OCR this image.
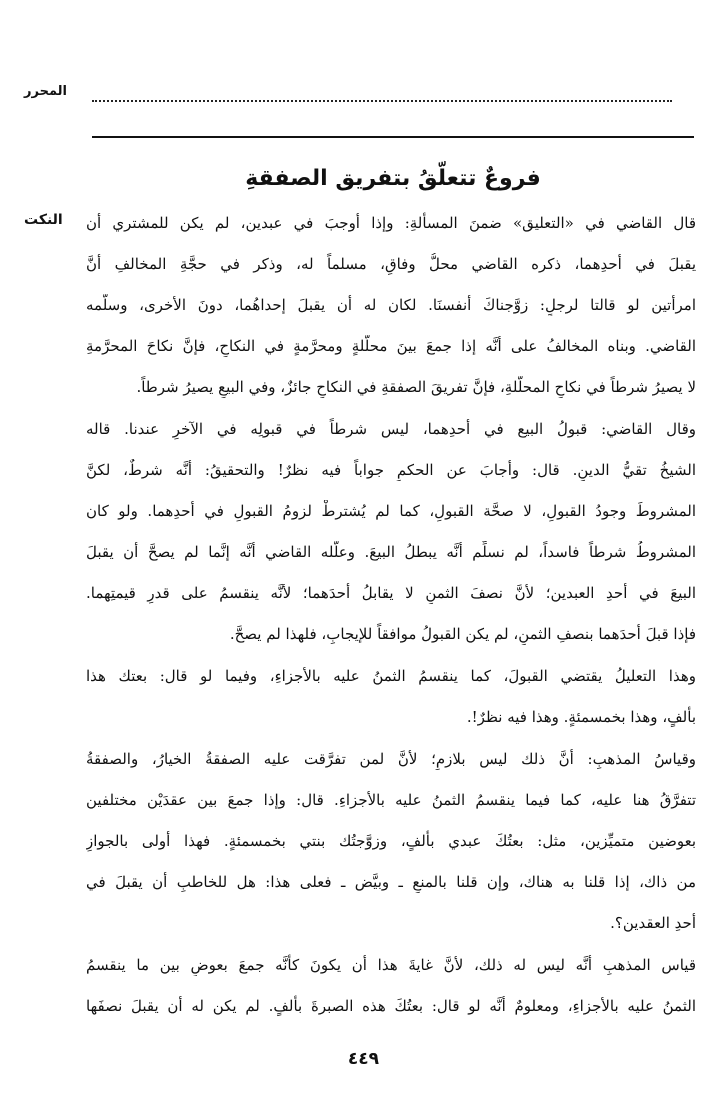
المحرر
فروعٌ تتعلّقُ بتفريق الصفقةِ
النكت قال القاضي في «التعليق» ضمنَ المسألةِ: وإذا أوجبَ في عبدين، لم يكن للمشتري أن
يقبلَ في أحدِهما، ذكره القاضي محلُّ وفاقٍ، مسلماً له، وذكر في حجَّةِ المخالفِ أنَّ
امرأتين لو قالتا لرجلٍ: زوَّجناكَ أنفسنَا. لكان له أن يقبلَ إحداهُما، دونَ الأخرى، وسلَّمه
القاضي. وبناه المخالفُ على أنَّه إذا جمعَ بينَ محلَّلةٍ ومحرَّمةٍ في النكاحِ، فإنَّ نكاحَ المحرَّمةِ
لا يصيرُ شرطاً في نكاحِ المحلَّلةِ، فإنَّ تفريقَ الصفقةِ في النكاحِ جائزٌ، وفي البيعِ يصيرُ شرطاً.
وقال القاضي: قبولُ البيع في أحدِهما، ليس شرطاً في قبولِه في الآخرِ عندنا. قاله
الشيخُ تقيُّ الدينِ. قال: وأجابَ عن الحكمِ جواباً فيه نظرٌ! والتحقيقُ: أنَّه شرطٌ، لكنَّ
المشروطَ وجودُ القبولِ، لا صحَّة القبولِ، كما لم يُشترطْ لزومُ القبولِ في أحدِهما. ولو كان
المشروطُ شرطاً فاسداً، لم نسلِّم أنَّه يبطلُ البيعَ. وعلَّله القاضي أنَّه إنَّما لم يصحَّ أن يقبلَ
البيعَ في أحدِ العبدين؛ لأنَّ نصفَ الثمنِ لا يقابلُ أحدَهما؛ لأنَّه ينقسمُ على قدرِ قيمتِهما.
فإذا قبلَ أحدَهما بنصفِ الثمنِ، لم يكن القبولُ موافقاً للإيجابِ، فلهذا لم يصحَّ.
وهذا التعليلُ يقتضي القبولَ، كما ينقسمُ الثمنُ عليه بالأجزاءِ، وفيما لو قال: بعتك هذا
بألفٍ، وهذا بخمسمئةٍ. وهذا فيه نظرٌ!.
وقياسُ المذهبِ: أنَّ ذلك ليس بلازمٍ؛ لأنَّ لمن تفرَّقت عليه الصفقةُ الخيارُ، والصفقةُ
تتفرَّقُ هنا عليه، كما فيما ينقسمُ الثمنُ عليه بالأجزاءِ. قال: وإذا جمعَ بين عقدَيْن مختلفين
بعوضين متميِّزين، مثل: بعتُكَ عبدي بألفٍ، وزوَّجتُك بنتي بخمسمئةٍ. فهذا أولى بالجوازِ
من ذاك، إذا قلنا به هناك، وإن قلنا بالمنعِ ـ وبيَّض ـ فعلى هذا: هل للخاطبِ أن يقبلَ في
أحدِ العقدين؟.
قياس المذهبِ أنَّه ليس له ذلك، لأنَّ غايةَ هذا أن يكونَ كأنَّه جمعَ بعوضٍ بين ما ينقسمُ
الثمنُ عليه بالأجزاءِ، ومعلومٌ أنَّه لو قال: بعتُكَ هذه الصبرةَ بألفٍ. لم يكن له أن يقبلَ نصفَها
٤٤٩
